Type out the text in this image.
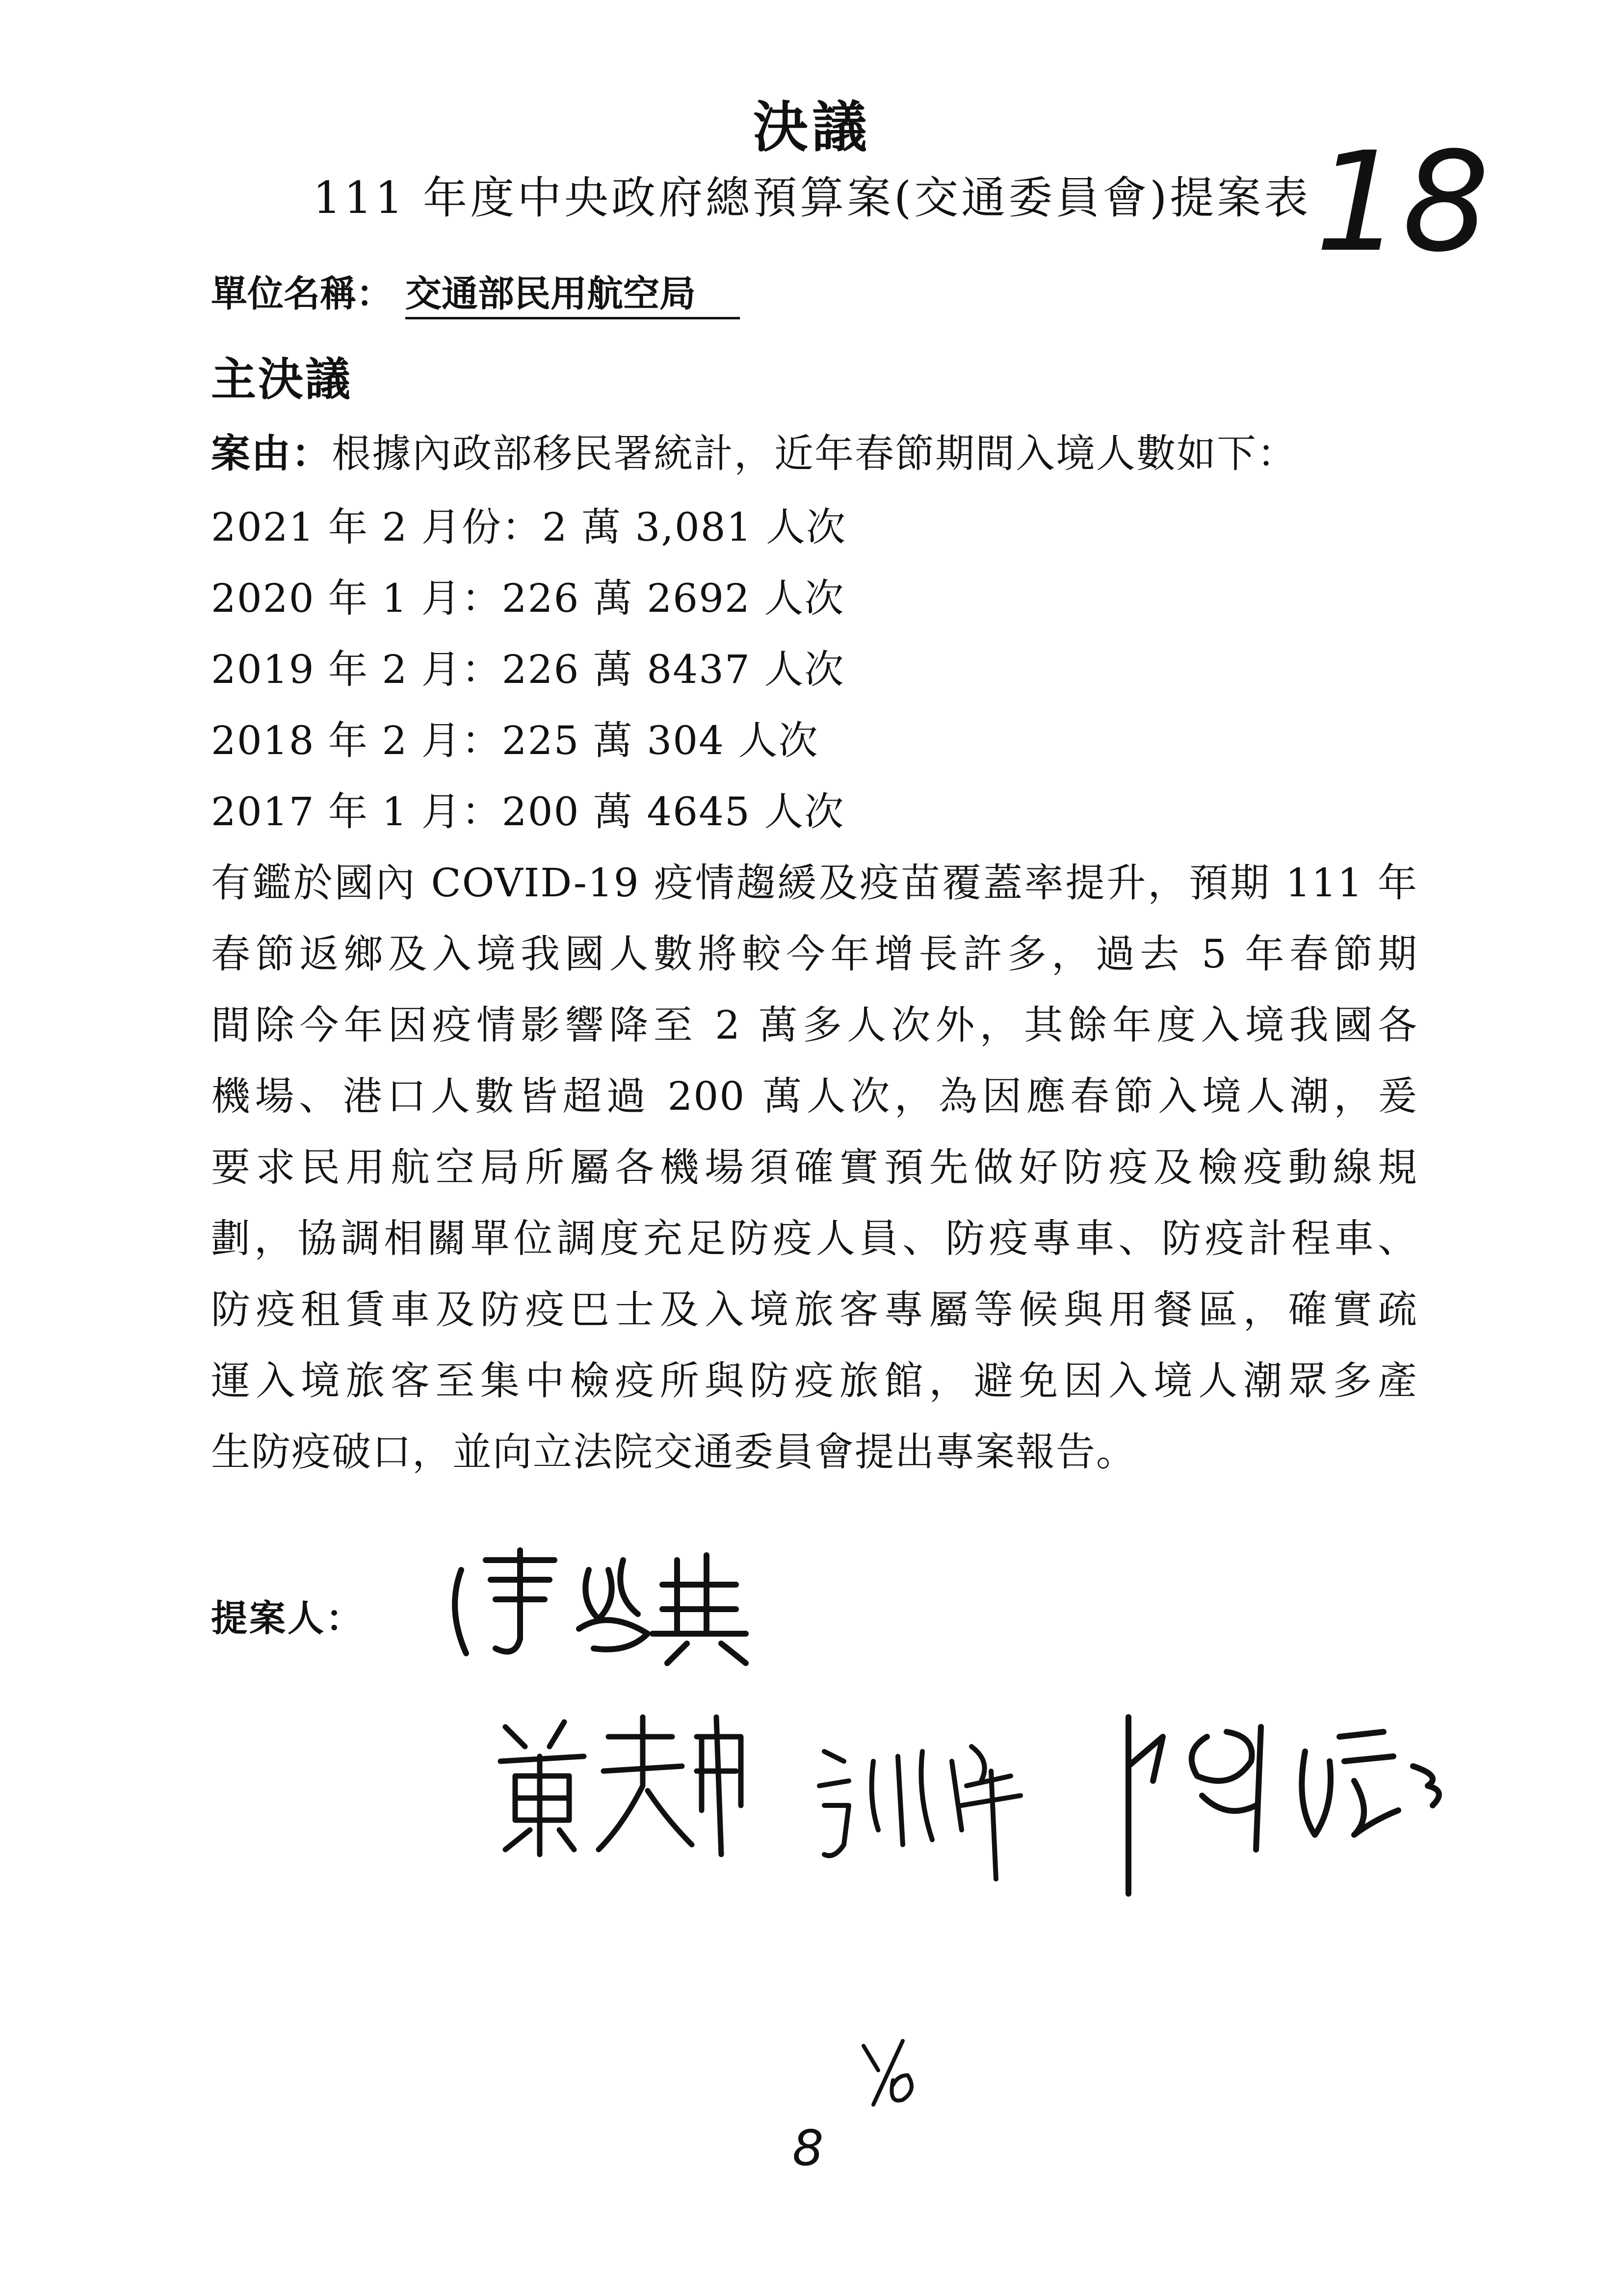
決議
111 年度中央政府總預算案(交通委員會)提案表 18
單位名稱： 交通部民用航空局
主決議
案由：根據內政部移民署統計，近年春節期間入境人數如下：
2021 年 2 月份：2 萬 3,081 人次
2020 年 1 月：226 萬 2692 人次
2019 年 2 月：226 萬 8437 人次
2018 年 2 月：225 萬 304 人次
2017 年 1 月：200 萬 4645 人次
有鑑於國內 COVID-19 疫情趨緩及疫苗覆蓋率提升，預期 111 年
春節返鄉及入境我國人數將較今年增長許多，過去 5 年春節期
間除今年因疫情影響降至 2 萬多人次外，其餘年度入境我國各
機場、港口人數皆超過 200 萬人次，為因應春節入境人潮，爰
要求民用航空局所屬各機場須確實預先做好防疫及檢疫動線規
劃，協調相關單位調度充足防疫人員、防疫專車、防疫計程車、
防疫租賃車及防疫巴士及入境旅客專屬等候與用餐區，確實疏
運入境旅客至集中檢疫所與防疫旅館，避免因入境人潮眾多產
生防疫破口，並向立法院交通委員會提出專案報告。
提案人：
8
